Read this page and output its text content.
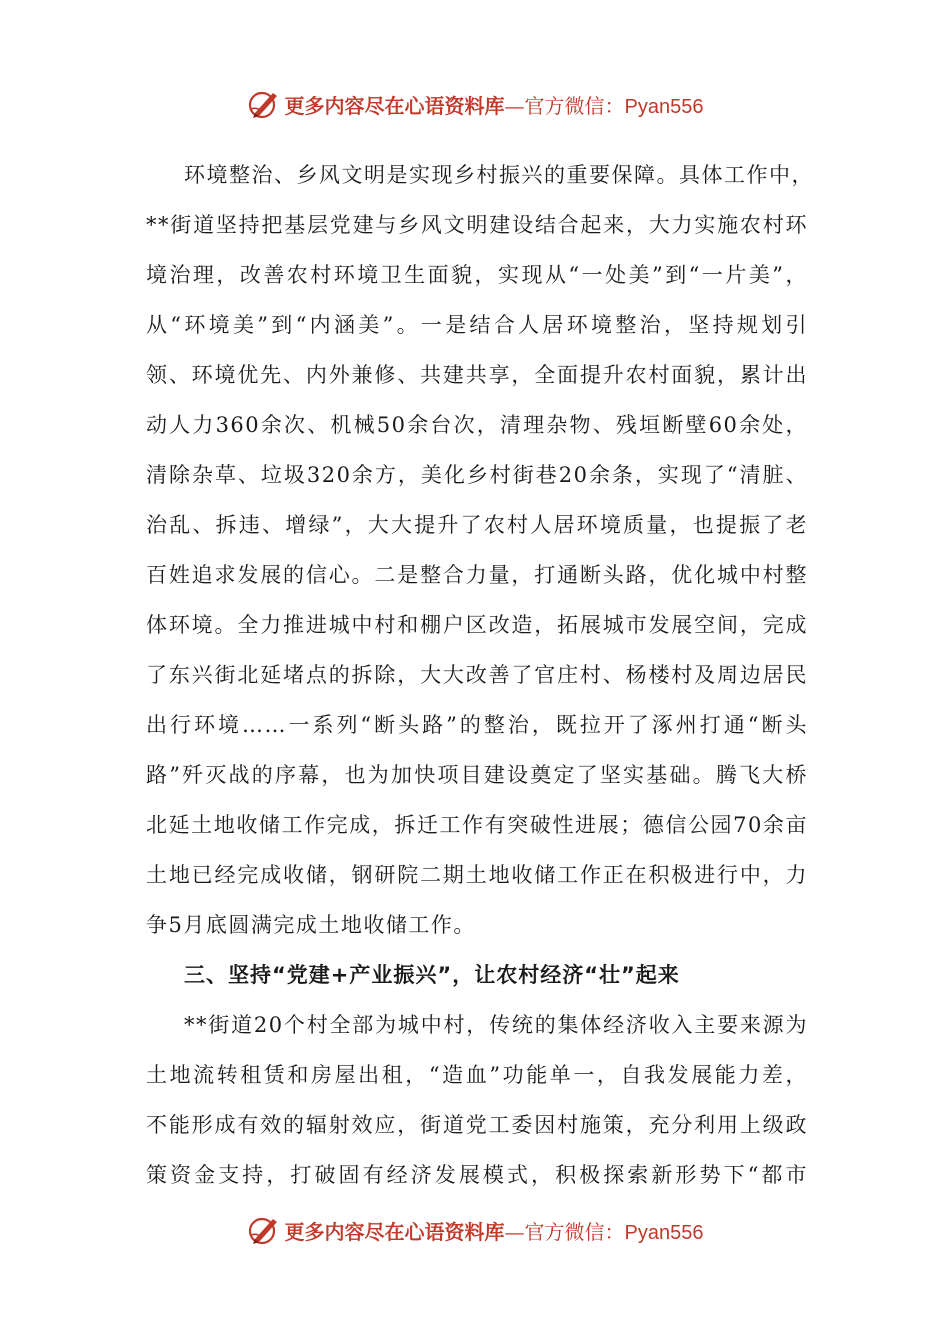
更多内容尽在心语资料库—官方微信：Pyan556
环境整治、乡风文明是实现乡村振兴的重要保障。具体工作中，
**街道坚持把基层党建与乡风文明建设结合起来，大力实施农村环
境治理，改善农村环境卫生面貌，实现从“一处美”到“一片美”，
从“环境美”到“内涵美”。一是结合人居环境整治，坚持规划引
领、环境优先、内外兼修、共建共享，全面提升农村面貌，累计出
动人力360余次、机械50余台次，清理杂物、残垣断壁60余处，
清除杂草、垃圾320余方，美化乡村街巷20余条，实现了“清脏、
治乱、拆违、增绿”，大大提升了农村人居环境质量，也提振了老
百姓追求发展的信心。二是整合力量，打通断头路，优化城中村整
体环境。全力推进城中村和棚户区改造，拓展城市发展空间，完成
了东兴街北延堵点的拆除，大大改善了官庄村、杨楼村及周边居民
出行环境……一系列“断头路”的整治，既拉开了涿州打通“断头
路”歼灭战的序幕，也为加快项目建设奠定了坚实基础。腾飞大桥
北延土地收储工作完成，拆迁工作有突破性进展；德信公园70余亩
土地已经完成收储，钢研院二期土地收储工作正在积极进行中，力
争5月底圆满完成土地收储工作。
三、坚持“党建+产业振兴”，让农村经济“壮”起来
**街道20个村全部为城中村，传统的集体经济收入主要来源为
土地流转租赁和房屋出租，“造血”功能单一，自我发展能力差，
不能形成有效的辐射效应，街道党工委因村施策，充分利用上级政
策资金支持，打破固有经济发展模式，积极探索新形势下“都市
更多内容尽在心语资料库—官方微信：Pyan556
